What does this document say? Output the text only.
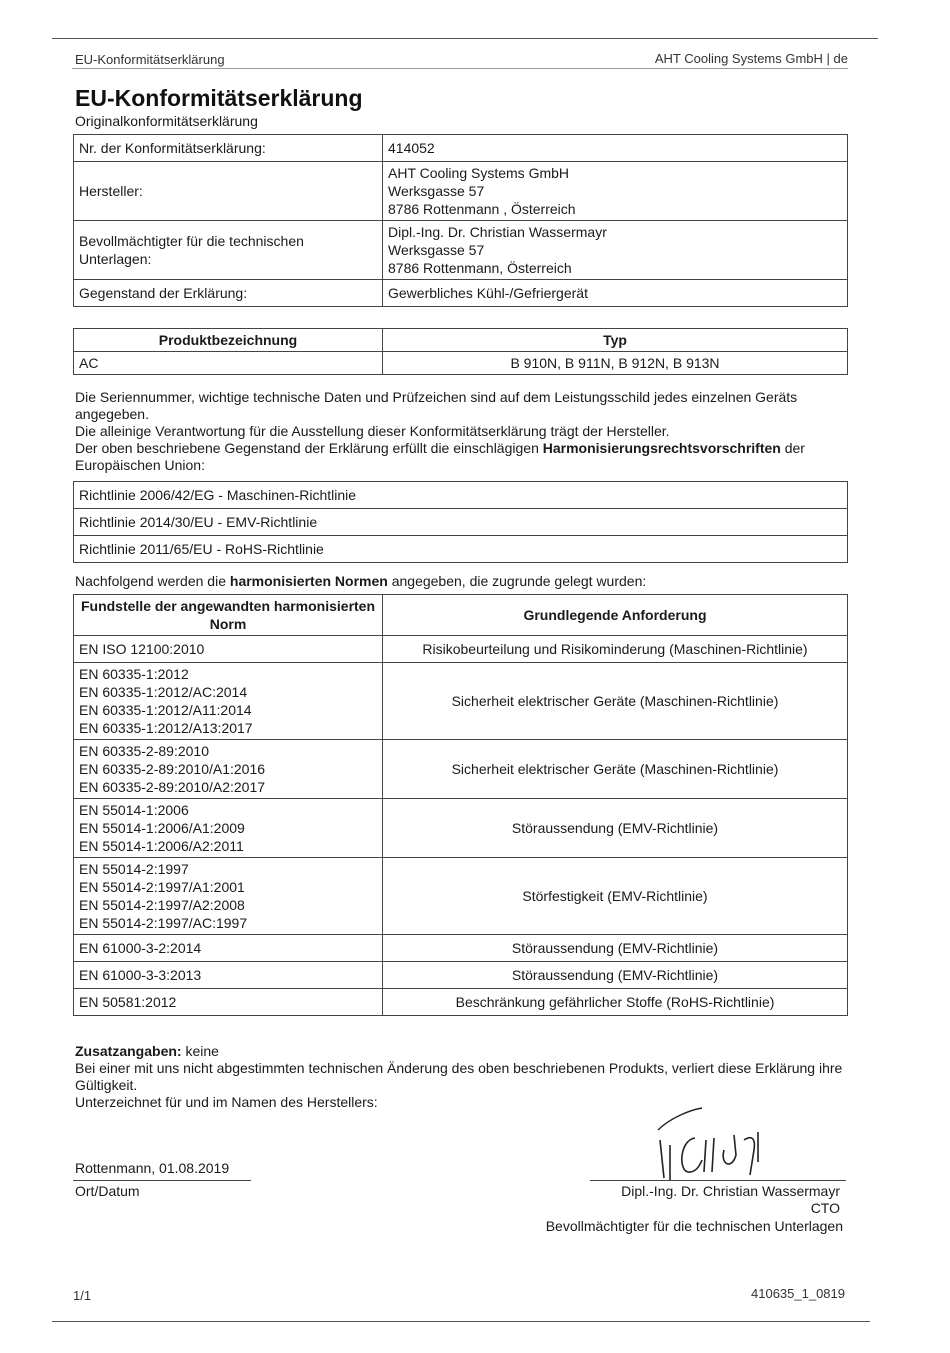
EU-Konformitätserklärung	AHT Cooling Systems GmbH | de
EU-Konformitätserklärung
Originalkonformitätserklärung
Nr. der Konformitätserklärung:	414052
Hersteller:	AHT Cooling Systems GmbH
Werksgasse 57
8786 Rottenmann , Österreich

Bevollmächtigter für die technischen Unterlagen:	Dipl.-Ing. Dr. Christian Wassermayr
Werksgasse 57
8786 Rottenmann, Österreich

Gegenstand der Erklärung:	Gewerbliches Kühl-/Gefriergerät
Produktbezeichnung	Typ
AC	B 910N, B 911N, B 912N, B 913N
Die Seriennummer, wichtige technische Daten und Prüfzeichen sind auf dem Leistungsschild jedes einzelnen Geräts angegeben.
Die alleinige Verantwortung für die Ausstellung dieser Konformitätserklärung trägt der Hersteller.
Der oben beschriebene Gegenstand der Erklärung erfüllt die einschlägigen Harmonisierungsrechtsvorschriften der Europäischen Union:
Richtlinie 2006/42/EG - Maschinen-Richtlinie
Richtlinie 2014/30/EU - EMV-Richtlinie
Richtlinie 2011/65/EU - RoHS-Richtlinie
Nachfolgend werden die harmonisierten Normen angegeben, die zugrunde gelegt wurden:
Fundstelle der angewandten harmonisierten Norm	Grundlegende Anforderung

EN ISO 12100:2010	Risikobeurteilung und Risikominderung (Maschinen-Richtlinie)

EN 60335-1:2012
EN 60335-1:2012/AC:2014
EN 60335-1:2012/A11:2014
EN 60335-1:2012/A13:2017	Sicherheit elektrischer Geräte (Maschinen-Richtlinie)

EN 60335-2-89:2010
EN 60335-2-89:2010/A1:2016
EN 60335-2-89:2010/A2:2017	Sicherheit elektrischer Geräte (Maschinen-Richtlinie)

EN 55014-1:2006
EN 55014-1:2006/A1:2009
EN 55014-1:2006/A2:2011	Störaussendung (EMV-Richtlinie)

EN 55014-2:1997
EN 55014-2:1997/A1:2001
EN 55014-2:1997/A2:2008
EN 55014-2:1997/AC:1997	Störfestigkeit (EMV-Richtlinie)

EN 61000-3-2:2014	Störaussendung (EMV-Richtlinie)

EN 61000-3-3:2013	Störaussendung (EMV-Richtlinie)

EN 50581:2012	Beschränkung gefährlicher Stoffe (RoHS-Richtlinie)
Zusatzangaben: keine
Bei einer mit uns nicht abgestimmten technischen Änderung des oben beschriebenen Produkts, verliert diese Erklärung ihre Gültigkeit.
Unterzeichnet für und im Namen des Herstellers:
Rottenmann, 01.08.2019
Ort/Datum	Dipl.-Ing. Dr. Christian Wassermayr
CTO
Bevollmächtigter für die technischen Unterlagen
1/1	410635_1_0819
